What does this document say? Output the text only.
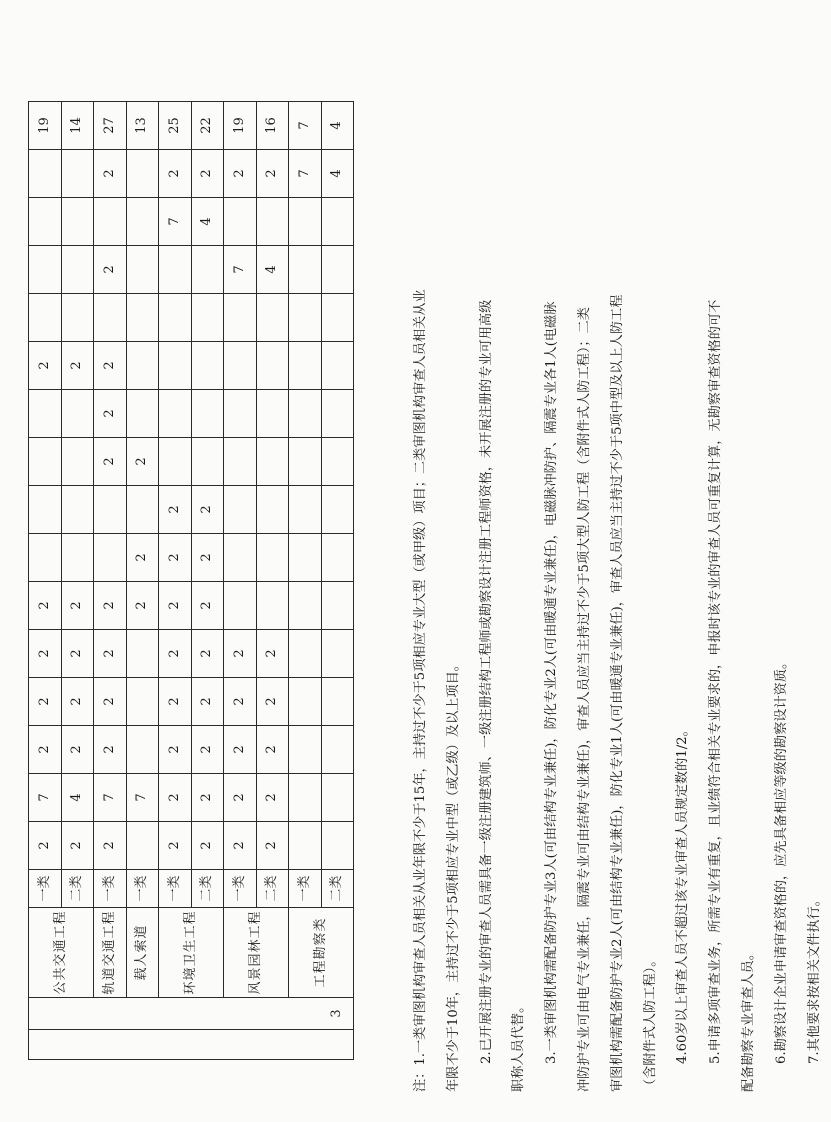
	3	公共交通工程	一类	2	7	2	2	2	2					2					19
			二类	2	4	2	2	2	2					2					14
		轨道交通工程	一类	2	7	2	2	2	2			2	2	2		2		2	27
		载人索道	一类		7				2	2		2							13
		环境卫生工程	一类	2	2	2	2	2	2	2	2						7	2	25
			二类	2	2	2	2	2	2	2	2						4	2	22
		风景园林工程	一类	2	2	2	2	2								7		2	19
			二类	2	2	2	2	2								4		2	16
		工程勘察类	一类															7	7
			二类															4	4

注：1.一类审图机构审查人员相关从业年限不少于15年，主持过不少于5项相应专业大型（或甲级）项目；二类审图机构审查人员相关从业	年限不少于10年，主持过不少于5项相应专业中型（或乙级）及以上项目。	2.已开展注册专业的审查人员需具备一级注册建筑师、一级注册结构工程师或勘察设计注册工程师资格，未开展注册的专业可用高级	职称人员代替。	3.一类审图机构需配备防护专业3人(可由结构专业兼任)，防化专业2人(可由暖通专业兼任)，电磁脉冲防护、隔震专业各1人(电磁脉	冲防护专业可由电气专业兼任，隔震专业可由结构专业兼任)，审查人员应当主持过不少于5项大型人防工程（含附件式人防工程）；二类	审图机构需配备防护专业2人(可由结构专业兼任)，防化专业1人(可由暖通专业兼任)，审查人员应当主持过不少于5项中型及以上人防工程	（含附件式人防工程）。	4.60岁以上审查人员不超过该专业审查人员规定数的1/2。	5.申请多项审查业务，所需专业有重复，且业绩符合相关专业要求的，申报时该专业的审查人员可重复计算，无勘察审查资格的可不	配备勘察专业审查人员。	6.勘察设计企业申请审查资格的，应先具备相应等级的勘察设计资质。	7.其他要求按相关文件执行。
